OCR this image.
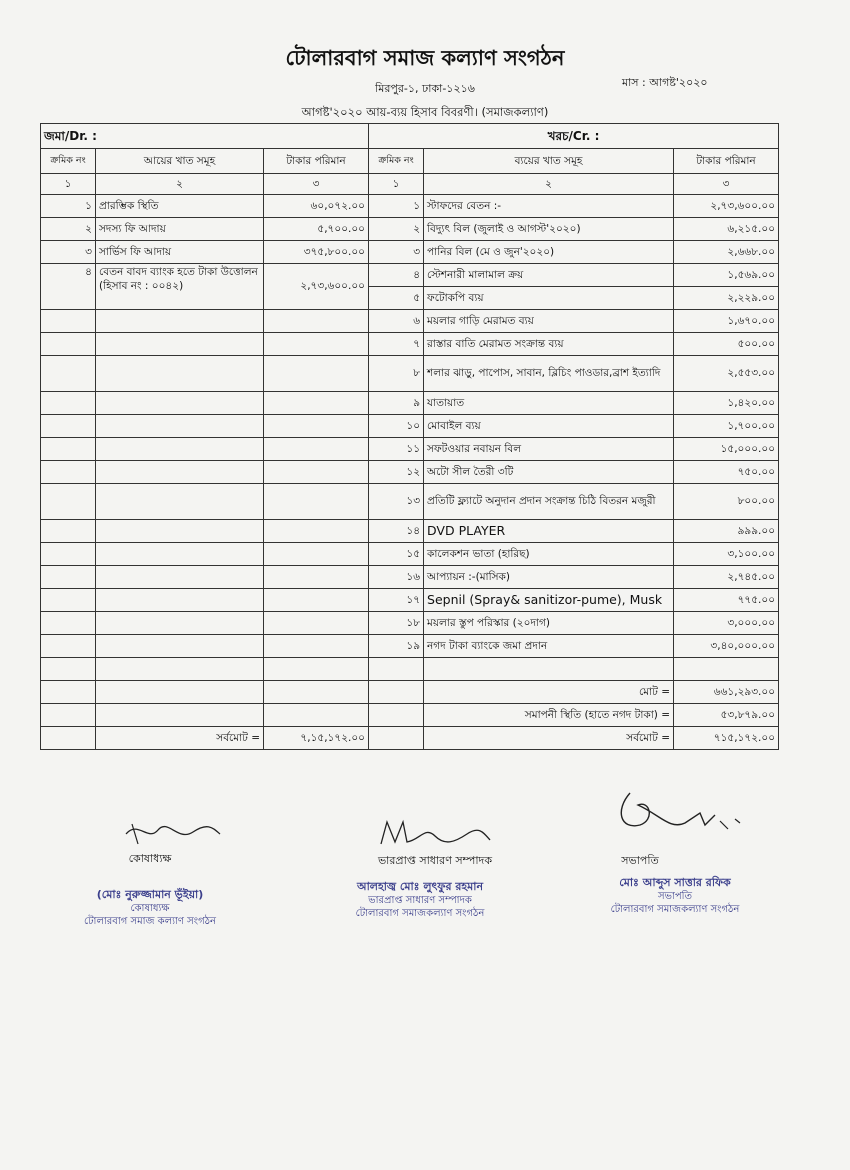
টোলারবাগ সমাজ কল্যাণ সংগঠন
মাস : আগষ্ট'২০২০
মিরপুর-১, ঢাকা-১২১৬
আগষ্ট'২০২০ আয়-ব্যয় হিসাব বিবরণী। (সমাজকল্যাণ)
জমা/Dr. :			খরচ/Cr. :		
ক্রমিক নং	আয়ের খাত সমূহ	টাকার পরিমান	ক্রমিক নং	ব্যয়ের খাত সমূহ	টাকার পরিমান
১	২	৩	১	২	৩
১	প্রারম্ভিক স্থিতি	৬০,০৭২.০০	১	স্টাফদের বেতন :-	২,৭৩,৬০০.০০
২	সদস্য ফি আদায়	৫,৭০০.০০	২	বিদ্যুৎ বিল (জুলাই ও আগস্ট'২০২০)	৬,২১৫.০০
৩	সার্ভিস ফি আদায়	৩৭৫,৮০০.০০	৩	পানির বিল (মে ও জুন'২০২০)	২,৬৬৮.০০
৪	বেতন বাবদ ব্যাংক হতে টাকা উত্তোলন (হিসাব নং : ০০৪২)	২,৭৩,৬০০.০০	৪	স্টেশনারী মালামাল ক্রয়	১,৫৬৯.০০
			৫	ফটোকপি ব্যয়	২,২২৯.০০
			৬	ময়লার গাড়ি মেরামত ব্যয়	১,৬৭০.০০
			৭	রাস্তার বাতি মেরামত সংক্রান্ত ব্যয়	৫০০.০০
			৮	শলার ঝাড়ু, পাপোস, সাবান, ব্লিচিং পাওডার,ব্রাশ ইত্যাদি	২,৫৫৩.০০
			৯	যাতায়াত	১,৪২০.০০
			১০	মোবাইল ব্যয়	১,৭০০.০০
			১১	সফটওয়ার নবায়ন বিল	১৫,০০০.০০
			১২	অটো সীল তৈরী ৩টি	৭৫০.০০
			১৩	প্রতিটি ফ্ল্যাটে অনুদান প্রদান সংক্রান্ত চিঠি বিতরন মজুরী	৮০০.০০
			১৪	DVD PLAYER	৯৯৯.০০
			১৫	কালেকশন ভাতা (হারিছ)	৩,১০০.০০
			১৬	আপ্যায়ন :-(মাসিক)	২,৭৪৫.০০
			১৭	Sepnil (Spray& sanitizor-pume), Musk	৭৭৫.০০
			১৮	ময়লার স্তুপ পরিস্কার (২০দাগ)	৩,০০০.০০
			১৯	নগদ টাকা ব্যাংকে জমা প্রদান	৩,৪০,০০০.০০

				মোট =	৬৬১,২৯৩.০০
				সমাপনী স্থিতি (হাতে নগদ টাকা) =	৫৩,৮৭৯.০০
	সর্বমোট =	৭,১৫,১৭২.০০		সর্বমোট =	৭১৫,১৭২.০০
কোষাধ্যক্ষ	ভারপ্রাপ্ত সাধারণ সম্পাদক	সভাপতি
(মোঃ নুরুজ্জামান ভূঁইয়া)
কোষাধ্যক্ষ
টোলারবাগ সমাজ কল্যাণ সংগঠন
আলহাজ্ব মোঃ লুৎফুর রহমান
ভারপ্রাপ্ত সাধারণ সম্পাদক
টোলারবাগ সমাজকল্যাণ সংগঠন
মোঃ আব্দুস সাত্তার রফিক
সভাপতি
টোলারবাগ সমাজকল্যাণ সংগঠন
